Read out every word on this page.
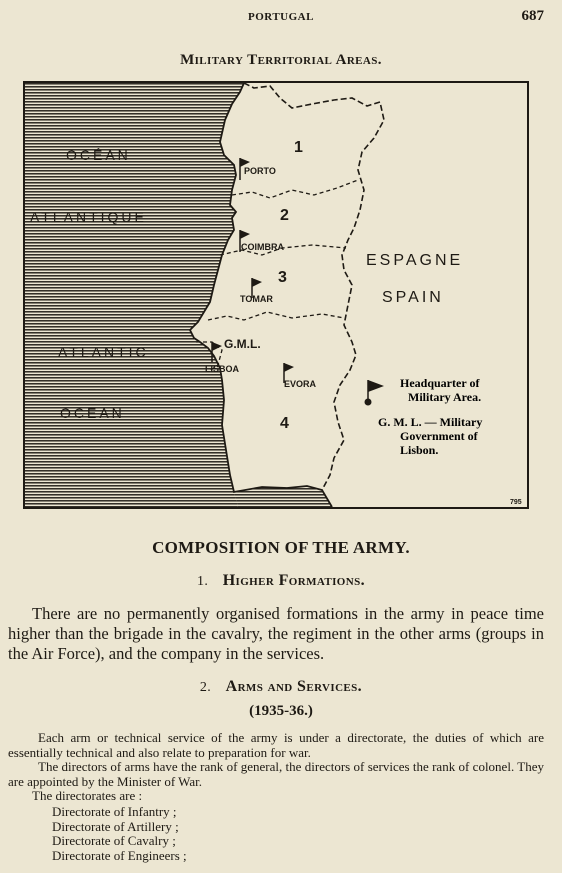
PORTUGAL	687
Military Territorial Areas.
OCÉAN
ATLANTIQUE
ATLANTIC
OCEAN
PORTO
COIMBRA
TOMAR
LISBOA
EVORA
G.M.L.
1
2
3
4
ESPAGNE
SPAIN
Headquarter of
Military Area.
G. M. L. — Military
Government of
Lisbon.
795
COMPOSITION OF THE ARMY.
1. Higher Formations.
There are no permanently organised formations in the army in peace time higher than the brigade in the cavalry, the regiment in the other arms (groups in the Air Force), and the company in the services.
2. Arms and Services.
(1935-36.)
Each arm or technical service of the army is under a directorate, the duties of which are essentially technical and also relate to preparation for war.
The directors of arms have the rank of general, the directors of services the rank of colonel. They are appointed by the Minister of War.
The directorates are :
Directorate of Infantry ;
Directorate of Artillery ;
Directorate of Cavalry ;
Directorate of Engineers ;
